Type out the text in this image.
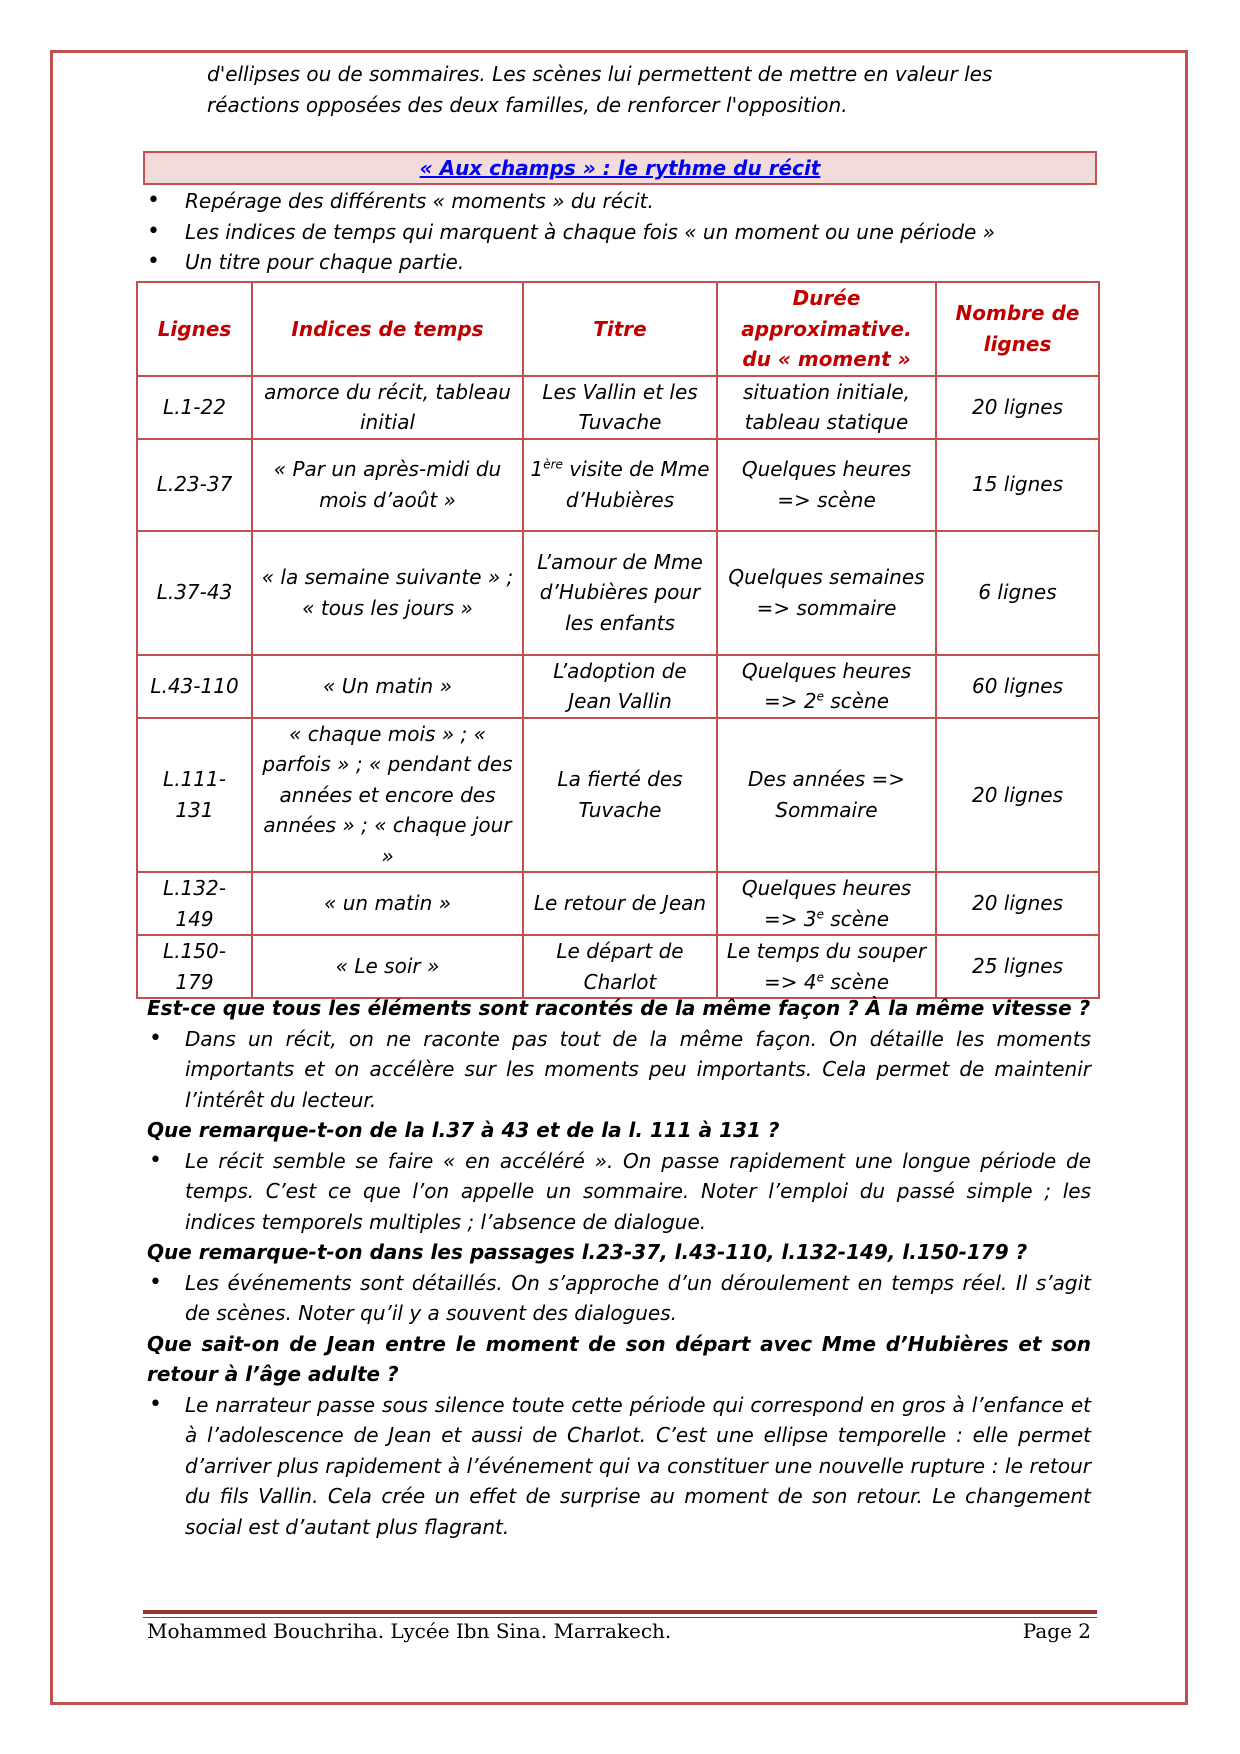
d'ellipses ou de sommaires. Les scènes lui permettent de mettre en valeur les réactions opposées des deux familles, de renforcer l'opposition.
« Aux champs » : le rythme du récit
• Repérage des différents « moments » du récit.
• Les indices de temps qui marquent à chaque fois « un moment ou une période »
• Un titre pour chaque partie.
Lignes	Indices de temps	Titre	Durée approximative. du « moment »	Nombre de lignes
L.1-22	amorce du récit, tableau initial	Les Vallin et les Tuvache	situation initiale, tableau statique	20 lignes
L.23-37	« Par un après-midi du mois d’août »	1ère visite de Mme d’Hubières	Quelques heures => scène	15 lignes
L.37-43	« la semaine suivante » ; « tous les jours »	L’amour de Mme d’Hubières pour les enfants	Quelques semaines => sommaire	6 lignes
L.43-110	« Un matin »	L’adoption de Jean Vallin	Quelques heures => $2^e$ scène	60 lignes
L.111-131	« chaque mois » ; « parfois » ; « pendant des années et encore des années » ; « chaque jour »	La fierté des Tuvache	Des années => Sommaire	20 lignes
L.132-149	« un matin »	Le retour de Jean	Quelques heures => $3^e$ scène	20 lignes
L.150-179	« Le soir »	Le départ de Charlot	Le temps du souper => $4^e$ scène	25 lignes
Est-ce que tous les éléments sont racontés de la même façon ? À la même vitesse ?
• Dans un récit, on ne raconte pas tout de la même façon. On détaille les moments importants et on accélère sur les moments peu importants. Cela permet de maintenir l’intérêt du lecteur.
Que remarque-t-on de la l.37 à 43 et de la l. 111 à 131 ?
• Le récit semble se faire « en accéléré ». On passe rapidement une longue période de temps. C’est ce que l’on appelle un sommaire. Noter l’emploi du passé simple ; les indices temporels multiples ; l’absence de dialogue.
Que remarque-t-on dans les passages l.23-37, l.43-110, l.132-149, l.150-179 ?
• Les événements sont détaillés. On s’approche d’un déroulement en temps réel. Il s’agit de scènes. Noter qu’il y a souvent des dialogues.
Que sait-on de Jean entre le moment de son départ avec Mme d’Hubières et son retour à l’âge adulte ?
• Le narrateur passe sous silence toute cette période qui correspond en gros à l’enfance et à l’adolescence de Jean et aussi de Charlot. C’est une ellipse temporelle : elle permet d’arriver plus rapidement à l’événement qui va constituer une nouvelle rupture : le retour du fils Vallin. Cela crée un effet de surprise au moment de son retour. Le changement social est d’autant plus flagrant.
Mohammed Bouchriha. Lycée Ibn Sina. Marrakech.	Page 2
